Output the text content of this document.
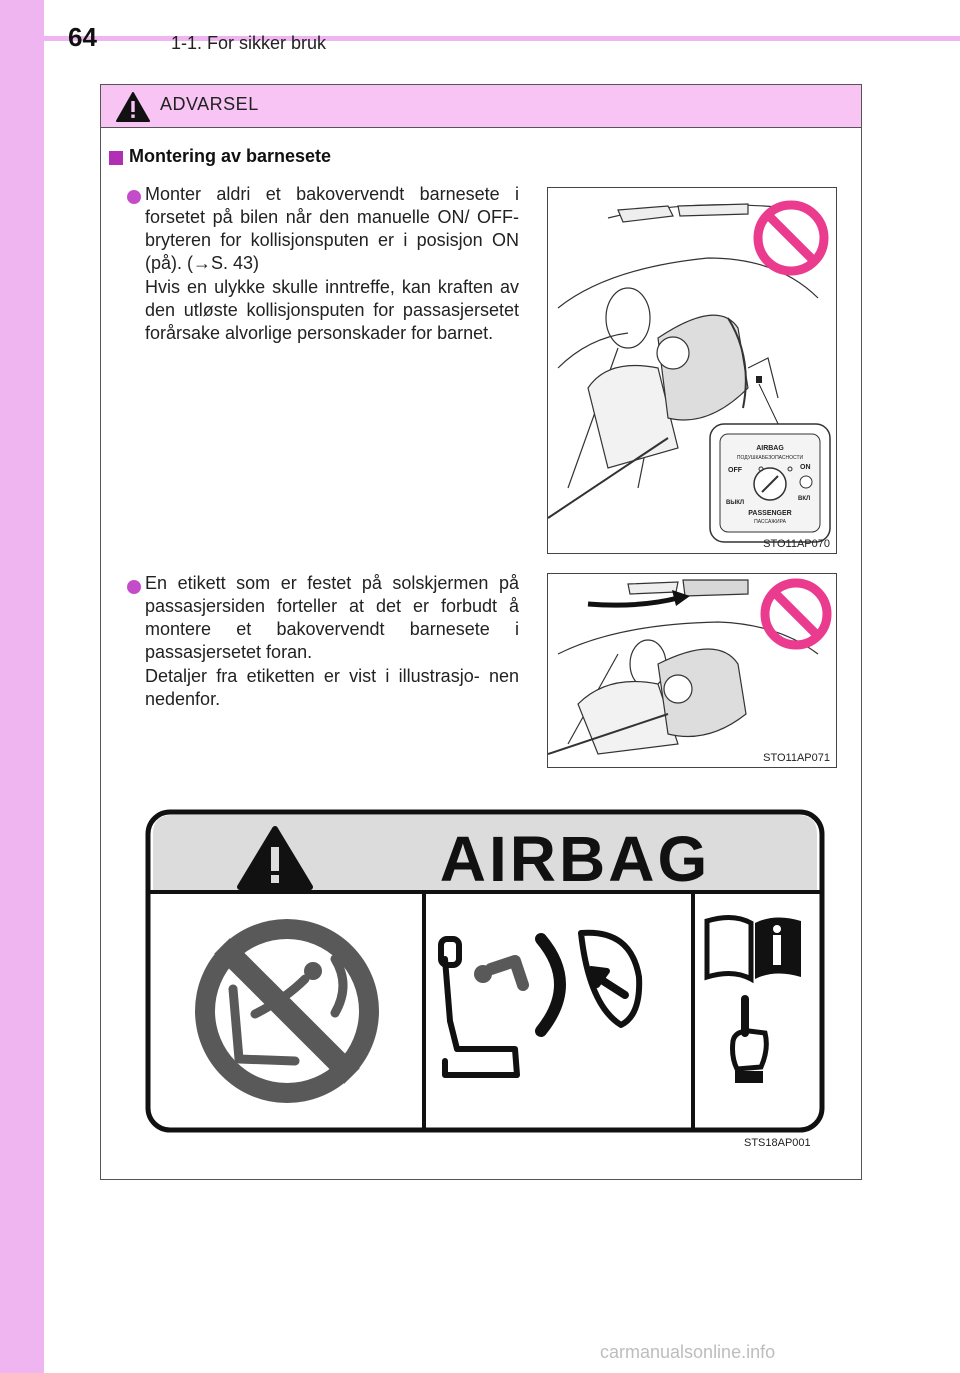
64	1-1. For sikker bruk
ADVARSEL
Montering av barnesete
Monter aldri et bakovervendt barnesete i forsetet på bilen når den manuelle ON/ OFF-bryteren for kollisjonsputen er i posisjon ON (på). (→S. 43)
Hvis en ulykke skulle inntreffe, kan kraften av den utløste kollisjonsputen for passasjersetet forårsake alvorlige personskader for barnet.
AIRBAG
ПОДУШКАБЕЗОПАСНОСТИ
OFF	ON
ВЫКЛ
ВКЛ
PASSENGER
ПАССАЖИРА
STO11AP070
En etikett som er festet på solskjermen på passasjersiden forteller at det er forbudt å montere et bakovervendt barnesete i passasjersetet foran.
Detaljer fra etiketten er vist i illustrasjo- nen nedenfor.
STO11AP071
AIRBAG
STS18AP001
carmanualsonline.info
